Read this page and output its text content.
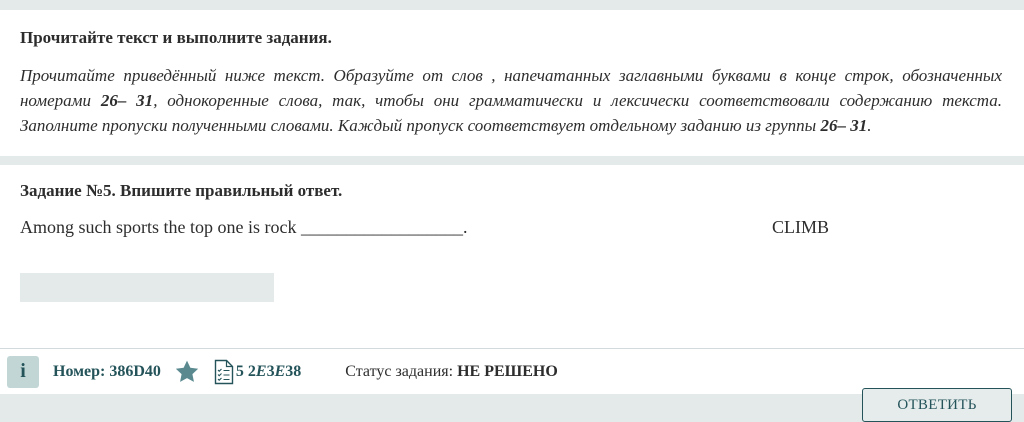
Прочитайте текст и выполните задания.

Прочитайте приведённый ниже текст. Образуйте от слов , напечатанных заглавными буквами в конце строк, обозначенных номерами 26– 31, однокоренные слова, так, чтобы они грамматически и лексически соответствовали содержанию текста. Заполните пропуски полученными словами. Каждый пропуск соответствует отдельному заданию из группы 26– 31.

Задание №5. Впишите правильный ответ.

Among such sports the top one is rock __________________.	CLIMB
i Номер: 386D40	5 2E3E38	Статус задания: НЕ РЕШЕНО
ОТВЕТИТЬ
